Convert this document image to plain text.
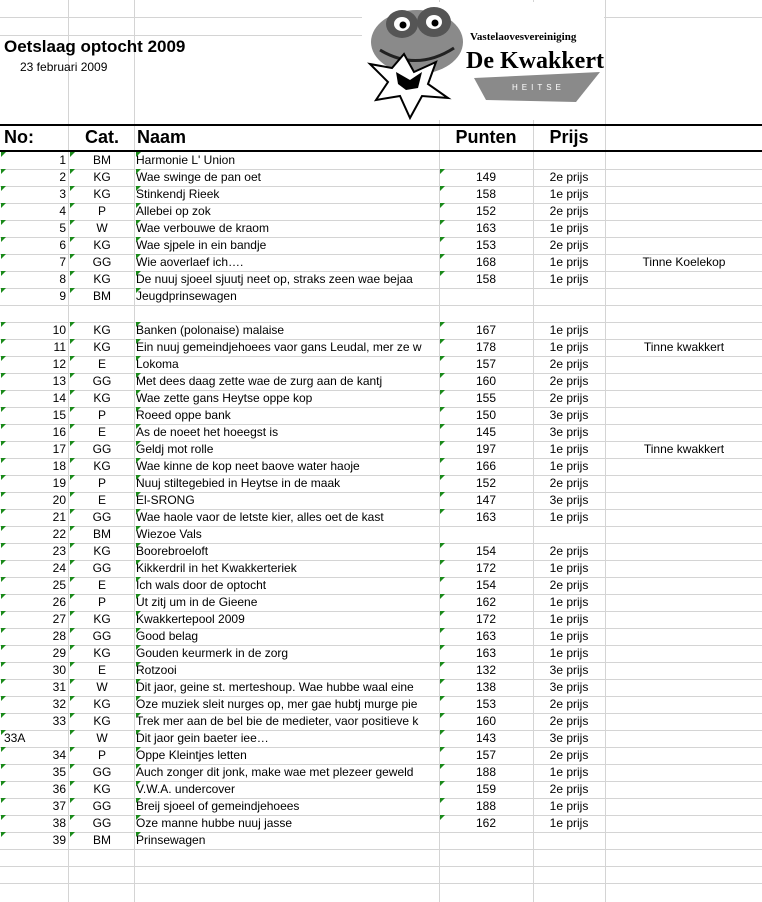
Oetslaag optocht 2009
23 februari 2009
Vastelaovesvereiniging
De Kwakkert
HEITSE
No:	Cat.	Naam	Punten	Prijs
1	BM	Harmonie L' Union
2	KG	Wae swinge de pan oet	149	2e prijs
3	KG	Stinkendj Rieek	158	1e prijs
4	P	Allebei op zok	152	2e prijs
5	W	Wae verbouwe de kraom	163	1e prijs
6	KG	Wae sjpele in ein bandje	153	2e prijs
7	GG	Wie aoverlaef ich….	168	1e prijs	Tinne Koelekop
8	KG	De nuuj sjoeel sjuutj neet op, straks zeen wae bejaa	158	1e prijs
9	BM	Jeugdprinsewagen
10	KG	Banken (polonaise) malaise	167	1e prijs
11	KG	Ein nuuj gemeindjehoees vaor gans Leudal, mer ze w	178	1e prijs	Tinne kwakkert
12	E	Lokoma	157	2e prijs
13	GG	Met dees daag zette wae de zurg aan de kantj	160	2e prijs
14	KG	Wae zette gans Heytse oppe kop	155	2e prijs
15	P	Roeed oppe bank	150	3e prijs
16	E	As de noeet het hoeegst is	145	3e prijs
17	GG	Geldj mot rolle	197	1e prijs	Tinne kwakkert
18	KG	Wae kinne de kop neet baove water haoje	166	1e prijs
19	P	Nuuj stiltegebied in Heytse in de maak	152	2e prijs
20	E	El-SRONG	147	3e prijs
21	GG	Wae haole vaor de letste kier, alles oet de kast	163	1e prijs
22	BM	Wiezoe Vals
23	KG	Boorebroeloft	154	2e prijs
24	GG	Kikkerdril in het Kwakkerteriek	172	1e prijs
25	E	Ich wals door de optocht	154	2e prijs
26	P	Ut zitj um in de Gieene	162	1e prijs
27	KG	Kwakkertepool 2009	172	1e prijs
28	GG	Good belag	163	1e prijs
29	KG	Gouden keurmerk in de zorg	163	1e prijs
30	E	Rotzooi	132	3e prijs
31	W	Dit jaor, geine st. merteshoup. Wae hubbe waal eine	138	3e prijs
32	KG	Oze muziek sleit nurges op, mer gae hubtj murge pie	153	2e prijs
33	KG	Trek mer aan de bel bie de medieter, vaor positieve k	160	2e prijs
33A	W	Dit jaor gein baeter iee…	143	3e prijs
34	P	Oppe Kleintjes letten	157	2e prijs
35	GG	Auch zonger dit jonk, make wae met plezeer geweld	188	1e prijs
36	KG	V.W.A. undercover	159	2e prijs
37	GG	Breij sjoeel of gemeindjehoees	188	1e prijs
38	GG	Oze manne hubbe nuuj jasse	162	1e prijs
39	BM	Prinsewagen
